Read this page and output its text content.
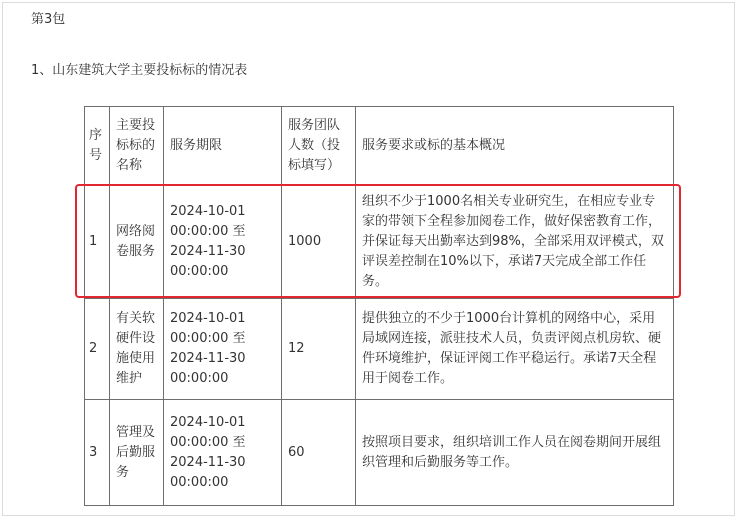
第3包
1、山东建筑大学主要投标标的情况表
序号	主要投标标的名称	服务期限	服务团队人数（投标填写）	服务要求或标的基本概况
1	网络阅卷服务	2024-10-01
00:00:00 至
2024-11-30
00:00:00	1000	组织不少于1000名相关专业研究生，在相应专业专家的带领下全程参加阅卷工作，做好保密教育工作，并保证每天出勤率达到98%，全部采用双评模式，双评误差控制在10%以下，承诺7天完成全部工作任务。
2	有关软硬件设施使用维护	2024-10-01
00:00:00 至
2024-11-30
00:00:00	12	提供独立的不少于1000台计算机的网络中心，采用局域网连接，派驻技术人员，负责评阅点机房软、硬件环境维护，保证评阅工作平稳运行。承诺7天全程用于阅卷工作。
3	管理及后勤服务	2024-10-01
00:00:00 至
2024-11-30
00:00:00	60	按照项目要求，组织培训工作人员在阅卷期间开展组织管理和后勤服务等工作。
